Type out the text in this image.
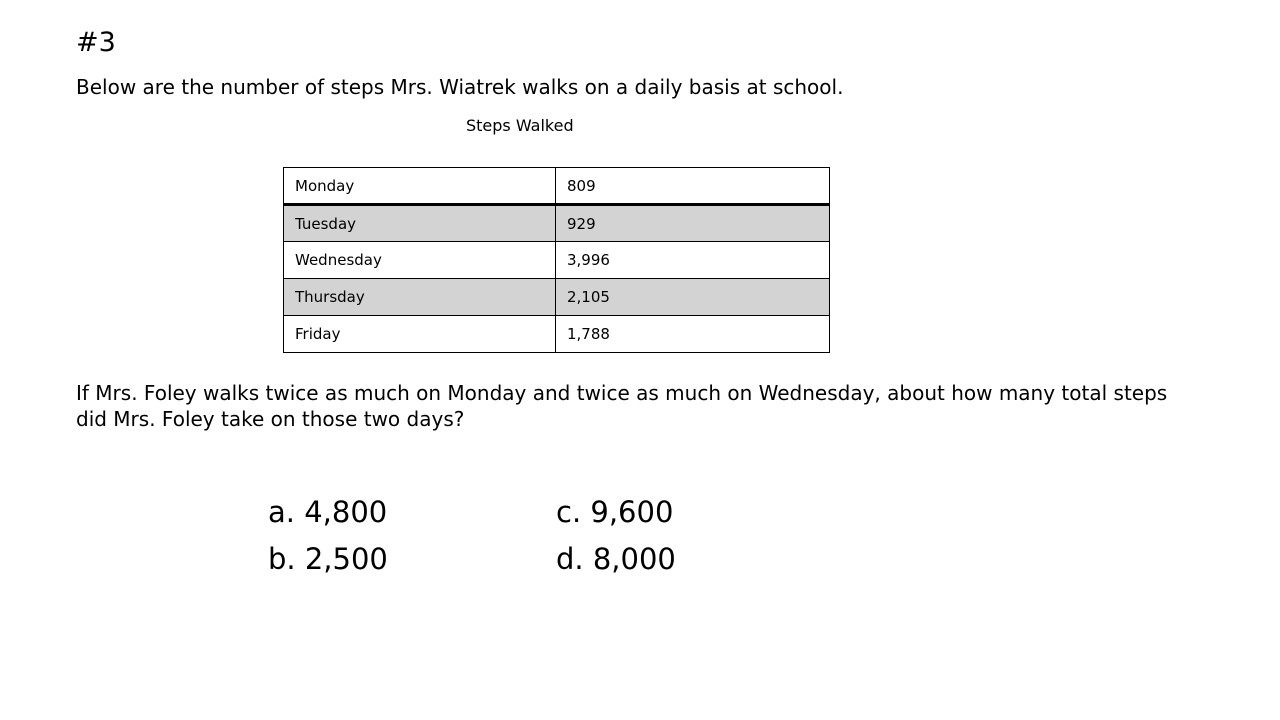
#3

Below are the number of steps Mrs. Wiatrek walks on a daily basis at school.

Steps Walked

Monday	809
Tuesday	929
Wednesday	3,996
Thursday	2,105
Friday	1,788

If Mrs. Foley walks twice as much on Monday and twice as much on Wednesday, about how many total steps did Mrs. Foley take on those two days?

a. 4,800	c. 9,600

b. 2,500	d. 8,000
